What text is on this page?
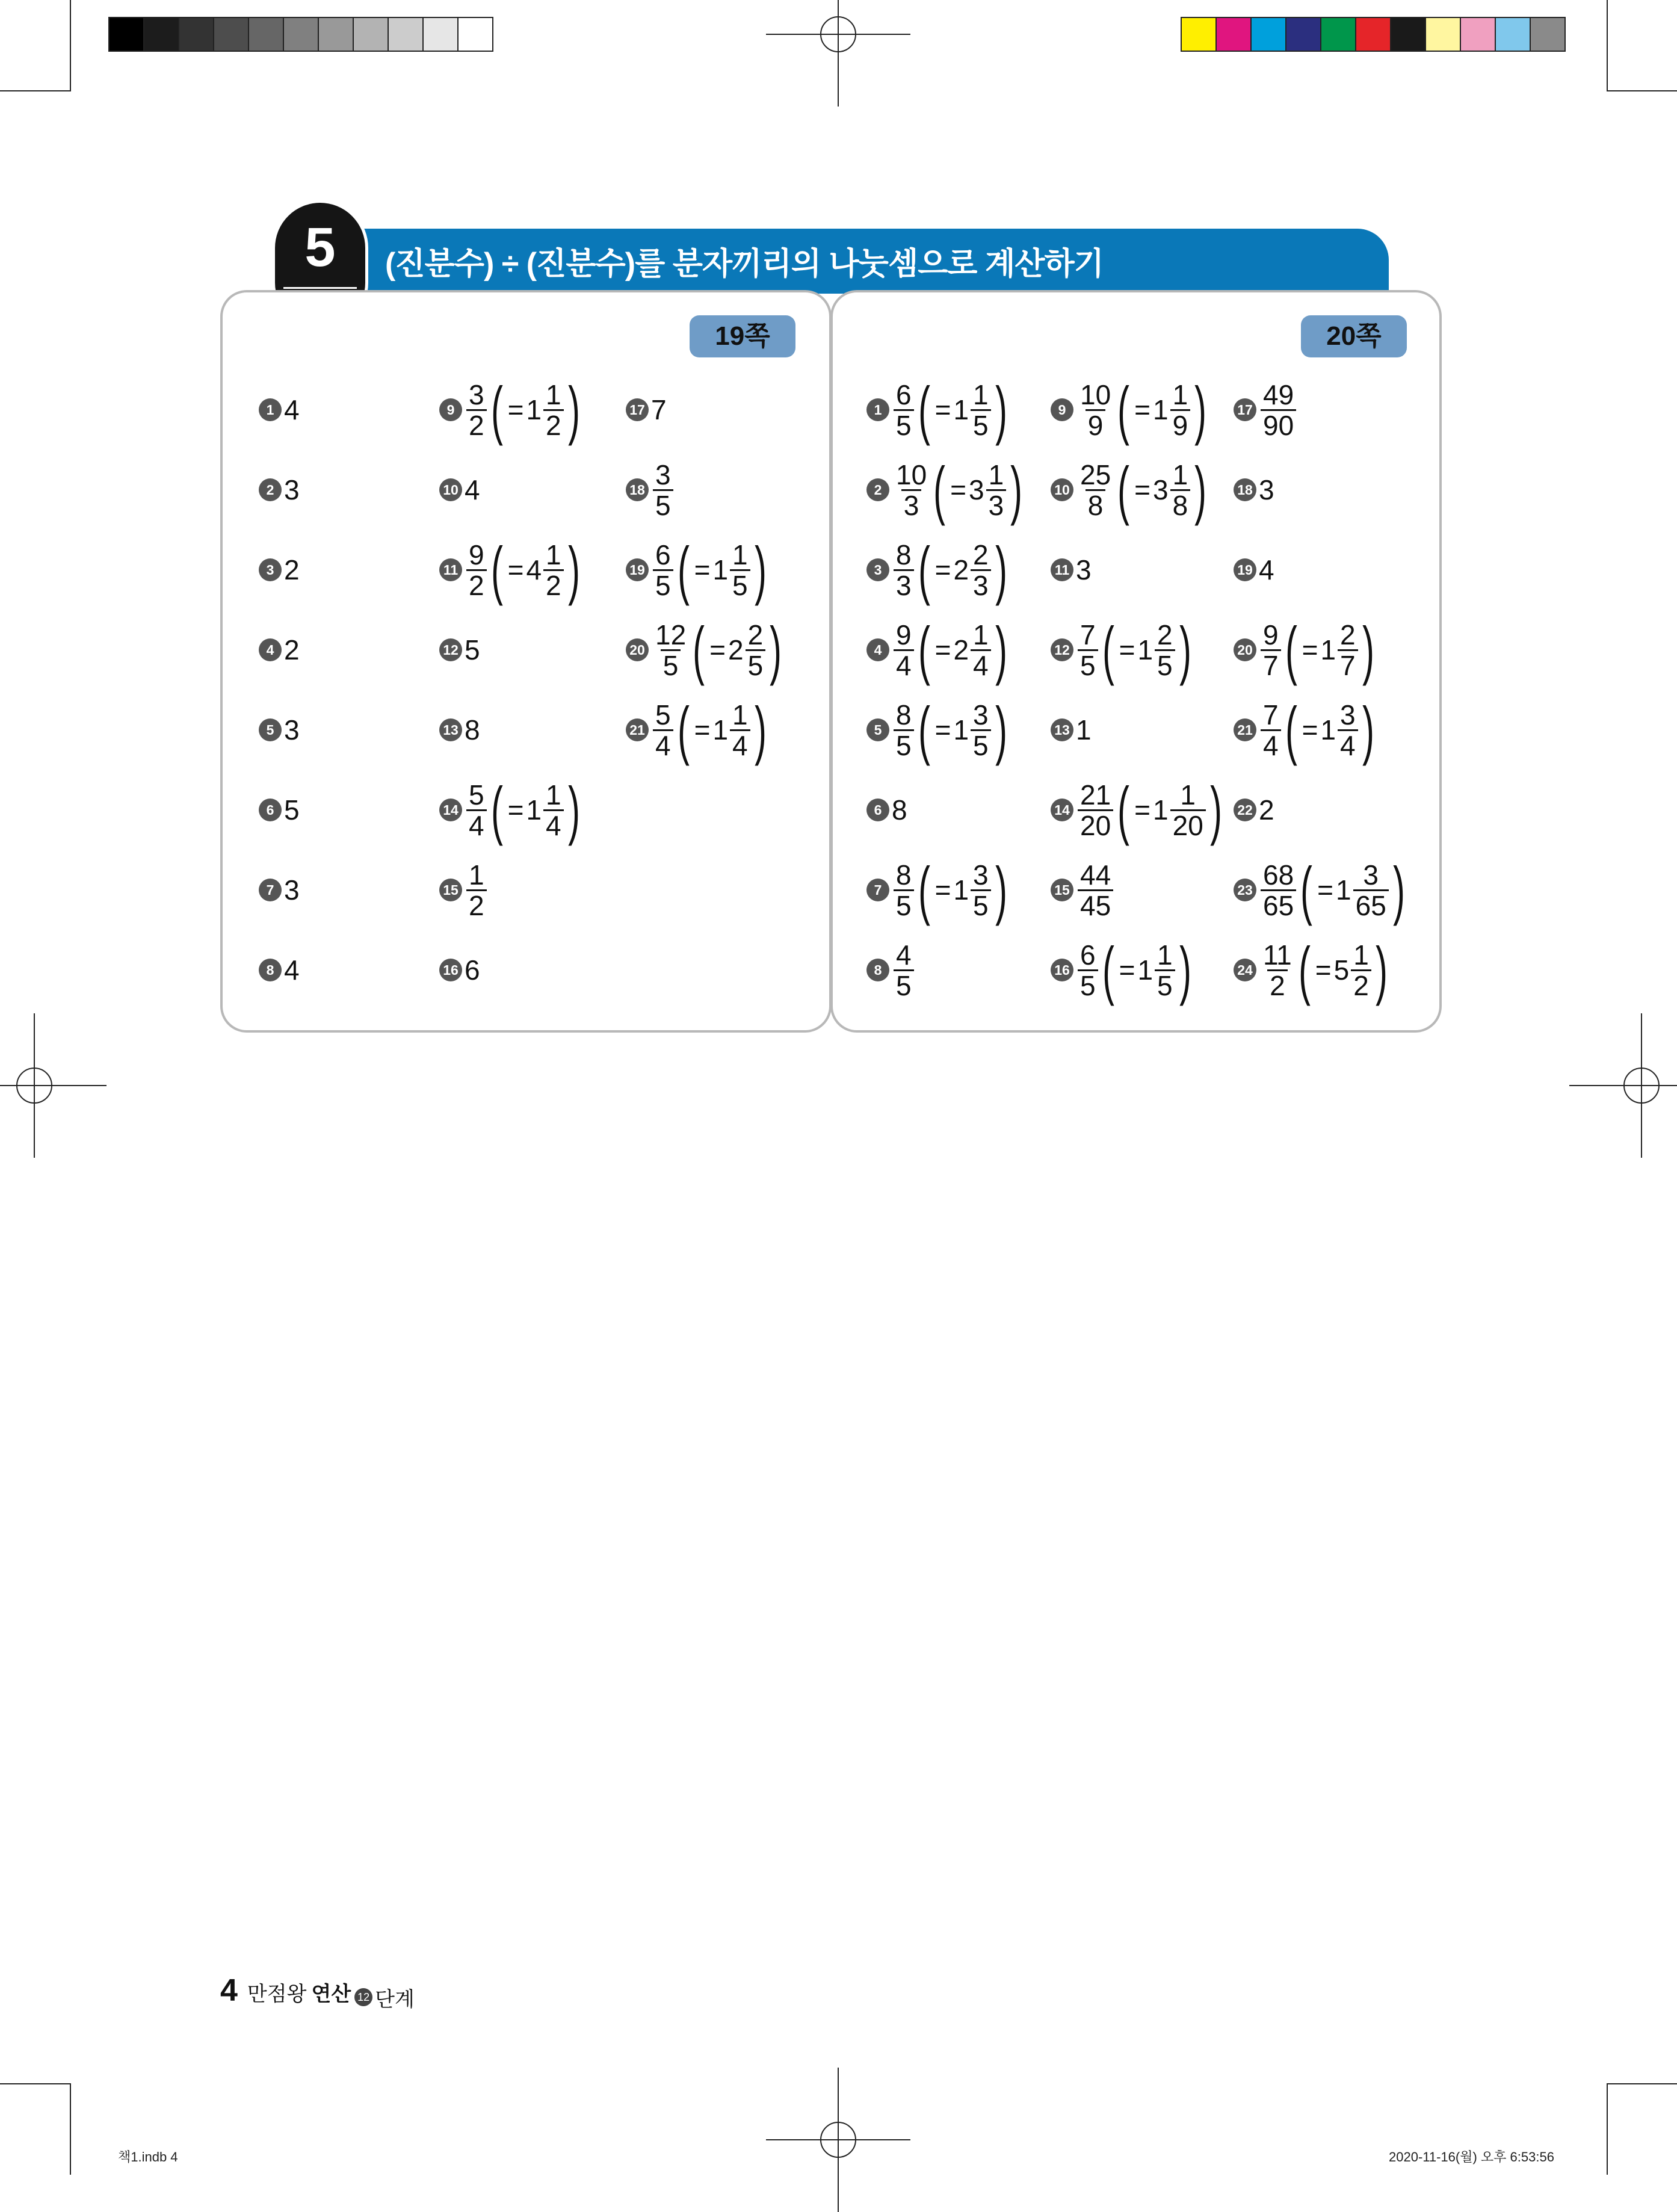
(진분수) ÷ (진분수)를 분자끼리의 나눗셈으로 계산하기
5
19쪽
1 4
2 3
3 2
4 2
5 3
6 5
7 3
8 4
$9 \frac{3}{2}$ ( = $1 \frac{1}{2}$ )
10 4
$11 \frac{9}{2}$ ( = $4 \frac{1}{2}$ )
12 5
13 8
$14 \frac{5}{4}$ ( = $1 \frac{1}{4}$ )
$15 \frac{1}{2}$
16 6
17 7
$18 \frac{3}{5}$
$19 \frac{6}{5}$ ( = $1 \frac{1}{5}$ )
$20 \frac{12}{5}$ ( = $2 \frac{2}{5}$ )
$21 \frac{5}{4}$ ( = $1 \frac{1}{4}$ )
20쪽
$1 \frac{6}{5}$ ( = $1 \frac{1}{5}$ )
$2 \frac{10}{3}$ ( = $3 \frac{1}{3}$ )
$3 \frac{8}{3}$ ( = $2 \frac{2}{3}$ )
$4 \frac{9}{4}$ ( = $2 \frac{1}{4}$ )
$5 \frac{8}{5}$ ( = $1 \frac{3}{5}$ )
6 8
$7 \frac{8}{5}$ ( = $1 \frac{3}{5}$ )
$8 \frac{4}{5}$
$9 \frac{10}{9}$ ( = $1 \frac{1}{9}$ )
$10 \frac{25}{8}$ ( = $3 \frac{1}{8}$ )
11 3
$12 \frac{7}{5}$ ( = $1 \frac{2}{5}$ )
13 1
$14 \frac{21}{20}$ ( = $1 \frac{1}{20}$ )
$15 \frac{44}{45}$
$16 \frac{6}{5}$ ( = $1 \frac{1}{5}$ )
$17 \frac{49}{90}$
18 3
19 4
$20 \frac{9}{7}$ ( = $1 \frac{2}{7}$ )
$21 \frac{7}{4}$ ( = $1 \frac{3}{4}$ )
22 2
$23 \frac{68}{65}$ ( = $1 \frac{3}{65}$ )
$24 \frac{11}{2}$ ( = $5 \frac{1}{2}$ )
4 만점왕 연산 12 단계
책1.indb 4	2020-11-16(월) 오후 6:53:56
